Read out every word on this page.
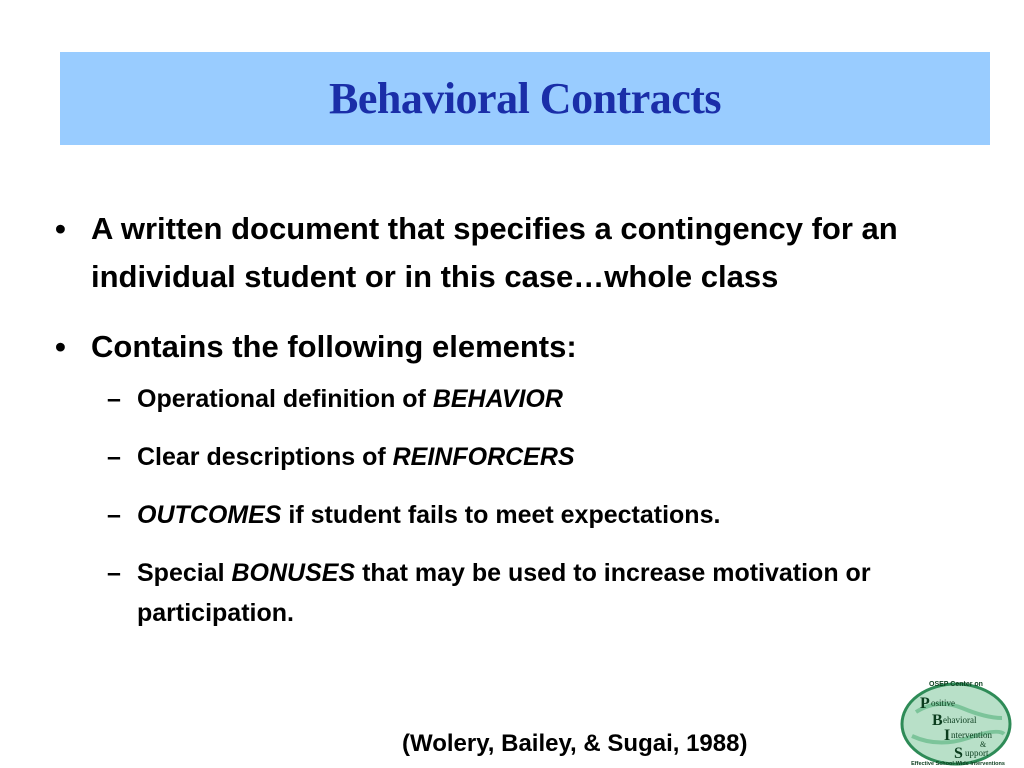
Behavioral Contracts
• A written document that specifies a contingency for an individual student or in this case…whole class
• Contains the following elements:
– Operational definition of BEHAVIOR
– Clear descriptions of REINFORCERS
– OUTCOMES if student fails to meet expectations.
– Special BONUSES that may be used to increase motivation or participation.
(Wolery, Bailey, & Sugai, 1988)
OSEP Center on
P ositive
B ehavioral
I ntervention
&
S upport
Effective School-Wide Interventions
